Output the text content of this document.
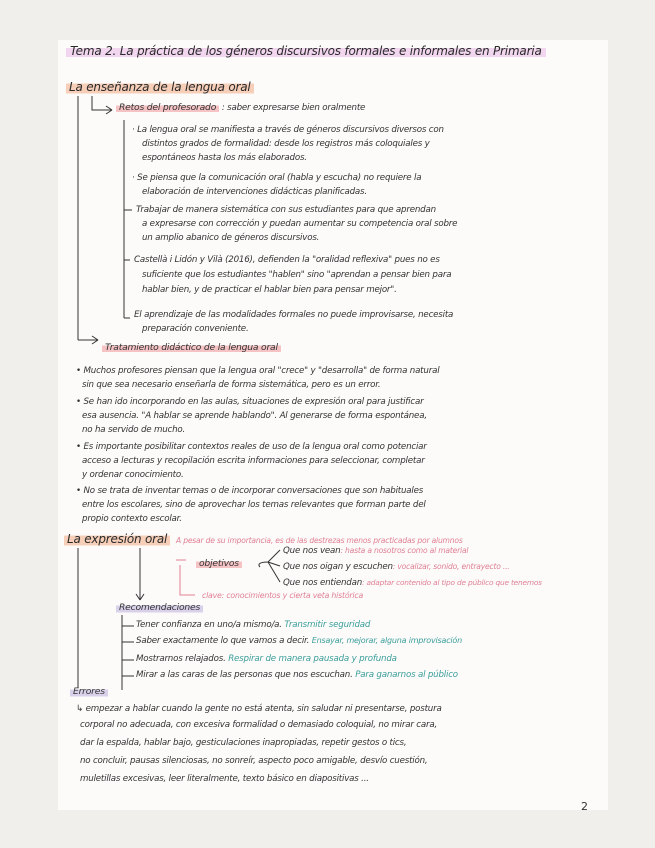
Tema 2. La práctica de los géneros discursivos formales e informales en Primaria
La enseñanza de la lengua oral
Retos del profesorado : saber expresarse bien oralmente
· La lengua oral se manifiesta a través de géneros discursivos diversos con
distintos grados de formalidad: desde los registros más coloquiales y
espontáneos hasta los más elaborados.
· Se piensa que la comunicación oral (habla y escucha) no requiere la
elaboración de intervenciones didácticas planificadas.
Trabajar de manera sistemática con sus estudiantes para que aprendan
a expresarse con corrección y puedan aumentar su competencia oral sobre
un amplio abanico de géneros discursivos.
Castellà i Lidón y Vilà (2016), defienden la "oralidad reflexiva" pues no es
suficiente que los estudiantes "hablen" sino "aprendan a pensar bien para
hablar bien, y de practicar el hablar bien para pensar mejor".
El aprendizaje de las modalidades formales no puede improvisarse, necesita
preparación conveniente.
Tratamiento didáctico de la lengua oral
• Muchos profesores piensan que la lengua oral "crece" y "desarrolla" de forma natural
sin que sea necesario enseñarla de forma sistemática, pero es un error.
• Se han ido incorporando en las aulas, situaciones de expresión oral para justificar
esa ausencia. "A hablar se aprende hablando". Al generarse de forma espontánea,
no ha servido de mucho.
• Es importante posibilitar contextos reales de uso de la lengua oral como potenciar
acceso a lecturas y recopilación escrita informaciones para seleccionar, completar
y ordenar conocimiento.
• No se trata de inventar temas o de incorporar conversaciones que son habituales
entre los escolares, sino de aprovechar los temas relevantes que forman parte del
propio contexto escolar.
La expresión oral	A pesar de su importancia, es de las destrezas menos practicadas por alumnos
objetivos
Que nos vean: hasta a nosotros como al material
Que nos oigan y escuchen: vocalizar, sonido, entrayecto ...
Que nos entiendan: adaptar contenido al tipo de público que tenemos
clave: conocimientos y cierta veta histórica
Recomendaciones
Tener confianza en uno/a mismo/a. Transmitir seguridad
Saber exactamente lo que vamos a decir. Ensayar, mejorar, alguna improvisación
Mostrarnos relajados. Respirar de manera pausada y profunda
Mirar a las caras de las personas que nos escuchan. Para ganarnos al público
Errores
↳ empezar a hablar cuando la gente no está atenta, sin saludar ni presentarse, postura
corporal no adecuada, con excesiva formalidad o demasiado coloquial, no mirar cara,
dar la espalda, hablar bajo, gesticulaciones inapropiadas, repetir gestos o tics,
no concluir, pausas silenciosas, no sonreír, aspecto poco amigable, desvío cuestión,
muletillas excesivas, leer literalmente, texto básico en diapositivas ...
2
